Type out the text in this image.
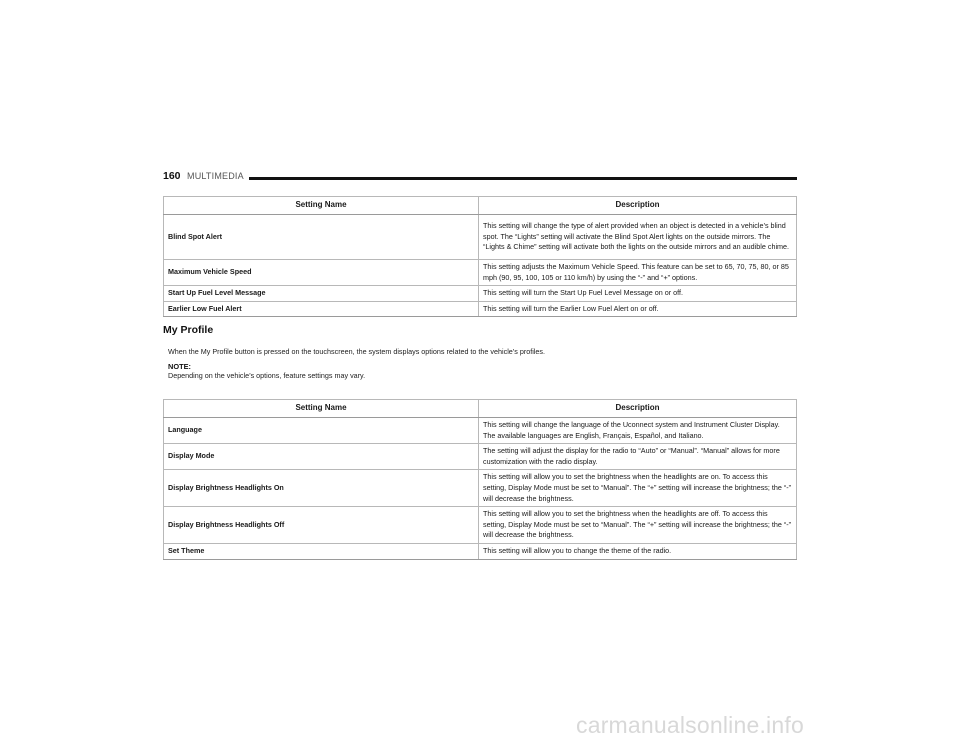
160 MULTIMEDIA
Setting Name	Description
Blind Spot Alert	This setting will change the type of alert provided when an object is detected in a vehicle’s blind spot. The “Lights” setting will activate the Blind Spot Alert lights on the outside mirrors. The “Lights & Chime” setting will activate both the lights on the outside mirrors and an audible chime.
Maximum Vehicle Speed	This setting adjusts the Maximum Vehicle Speed. This feature can be set to 65, 70, 75, 80, or 85 mph (90, 95, 100, 105 or 110 km/h) by using the “-” and “+” options.
Start Up Fuel Level Message	This setting will turn the Start Up Fuel Level Message on or off.
Earlier Low Fuel Alert	This setting will turn the Earlier Low Fuel Alert on or off.
My Profile
When the My Profile button is pressed on the touchscreen, the system displays options related to the vehicle’s profiles.
NOTE:
Depending on the vehicle’s options, feature settings may vary.
Setting Name	Description
Language	This setting will change the language of the Uconnect system and Instrument Cluster Display. The available languages are English, Français, Español, and Italiano.
Display Mode	The setting will adjust the display for the radio to “Auto” or “Manual”. “Manual” allows for more customization with the radio display.
Display Brightness Headlights On	This setting will allow you to set the brightness when the headlights are on. To access this setting, Display Mode must be set to “Manual”. The “+” setting will increase the brightness; the “-” will decrease the brightness.
Display Brightness Headlights Off	This setting will allow you to set the brightness when the headlights are off. To access this setting, Display Mode must be set to “Manual”. The “+” setting will increase the brightness; the “-” will decrease the brightness.
Set Theme	This setting will allow you to change the theme of the radio.
carmanualsonline.info
